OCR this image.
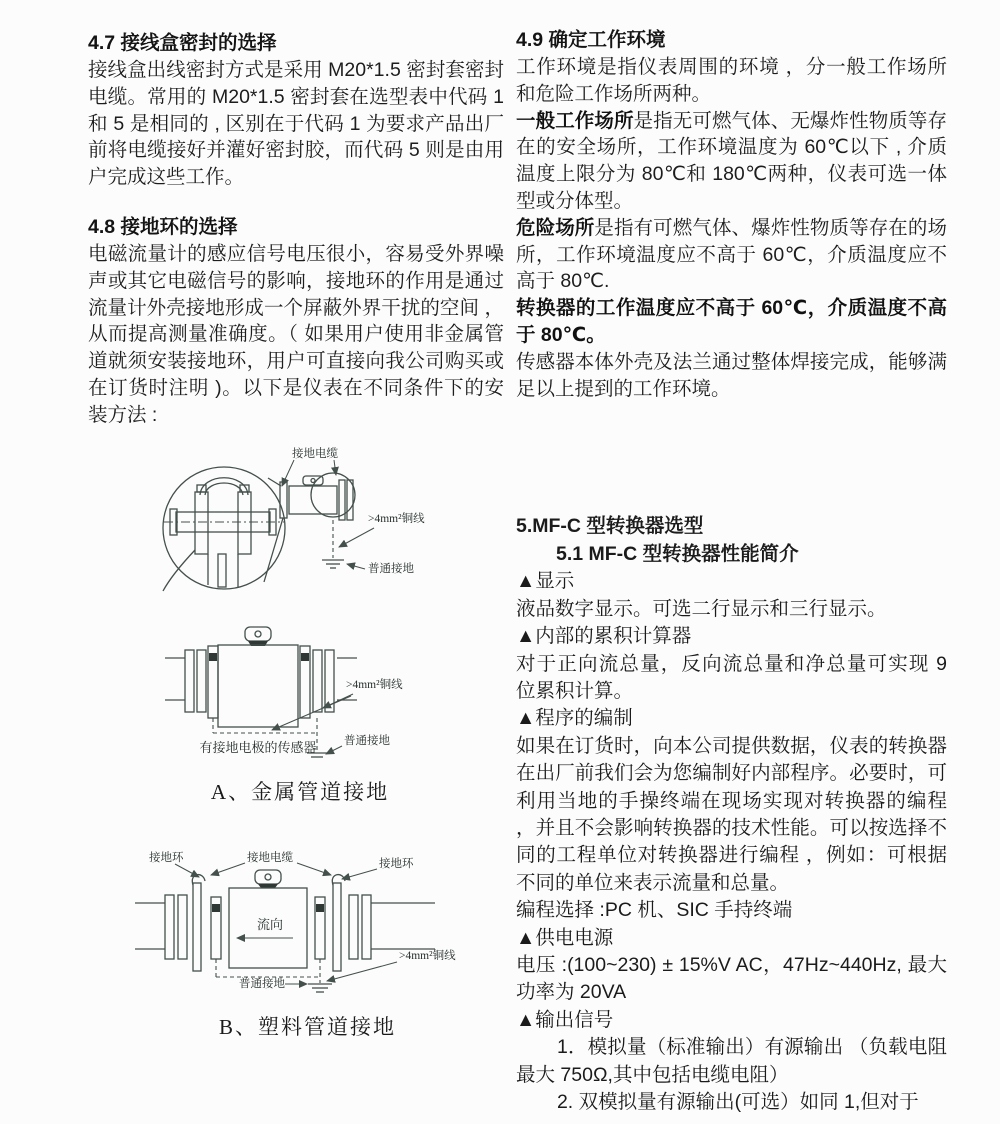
4.7 接线盒密封的选择

接线盒出线密封方式是采用 M20*1.5 密封套密封电缆。常用的 M20*1.5 密封套在选型表中代码 1 和 5 是相同的 , 区别在于代码 1 为要求产品出厂前将电缆接好并灌好密封胶，而代码 5 则是由用户完成这些工作。

4.8 接地环的选择

电磁流量计的感应信号电压很小，容易受外界噪声或其它电磁信号的影响，接地环的作用是通过流量计外壳接地形成一个屏蔽外界干扰的空间 ，从而提高测量准确度。（ 如果用户使用非金属管道就须安装接地环，用户可直接向我公司购买或在订货时注明 )。以下是仪表在不同条件下的安装方法 :

接地电缆
>4mm²铜线
普通接地
>4mm²铜线
有接地电极的传感器 普通接地
A、金属管道接地
接地环	接地电缆	接地环
流向
普通接地
>4mm²铜线
B、塑料管道接地
4.9 确定工作环境

工作环境是指仪表周围的环境 ，分一般工作场所和危险工作场所两种。

一般工作场所是指无可燃气体、无爆炸性物质等存在的安全场所，工作环境温度为 60℃以下 , 介质温度上限分为 80℃和 180℃两种，仪表可选一体型或分体型。

危险场所是指有可燃气体、爆炸性物质等存在的场所，工作环境温度应不高于 60℃，介质温度应不高于 80℃.

转换器的工作温度应不高于 60℃，介质温度不高于 80℃。

传感器本体外壳及法兰通过整体焊接完成，能够满足以上提到的工作环境。

5.MF-C 型转换器选型
5.1 MF-C 型转换器性能简介

▲显示

液品数字显示。可选二行显示和三行显示。

▲内部的累积计算器

对于正向流总量，反向流总量和净总量可实现 9 位累积计算。

▲程序的编制

如果在订货时，向本公司提供数据，仪表的转换器在出厂前我们会为您编制好内部程序。必要时，可利用当地的手操终端在现场实现对转换器的编程 ，并且不会影响转换器的技术性能。可以按选择不同的工程单位对转换器进行编程 ，例如：可根据不同的单位来表示流量和总量。

编程选择 :PC 机、SIC 手持终端

▲供电电源

电压 :(100~230) ± 15%V AC，47Hz~440Hz, 最大功率为 20VA

▲输出信号

1．模拟量（标准输出）有源输出 （负载电阻最大 750Ω,其中包括电缆电阻）

2. 双模拟量有源输出(可选）如同 1,但对于
